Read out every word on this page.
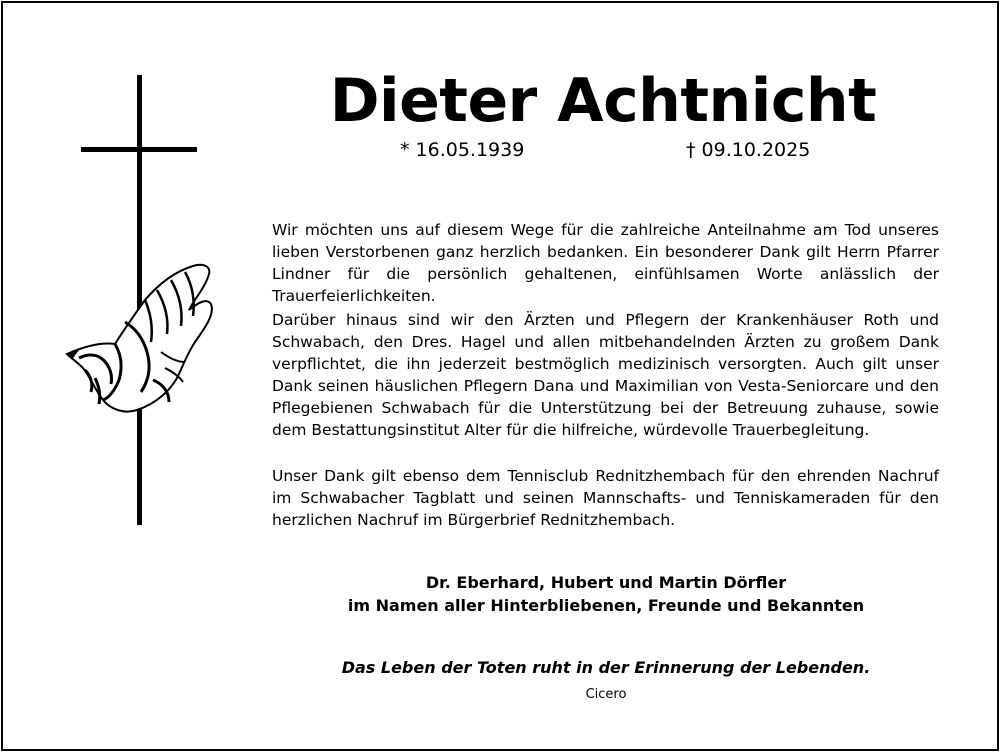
Dieter Achtnicht
* 16.05.1939	† 09.10.2025
Wir möchten uns auf diesem Wege für die zahlreiche Anteilnahme am Tod unseres lieben Verstorbenen ganz herzlich bedanken. Ein besonderer Dank gilt Herrn Pfarrer Lindner für die persönlich gehaltenen, einfühlsamen Worte anlässlich der Trauerfeierlichkeiten.
Darüber hinaus sind wir den Ärzten und Pflegern der Krankenhäuser Roth und Schwabach, den Dres. Hagel und allen mitbehandelnden Ärzten zu großem Dank verpflichtet, die ihn jederzeit bestmöglich medizinisch versorgten. Auch gilt unser Dank seinen häuslichen Pflegern Dana und Maximilian von Vesta-Seniorcare und den Pflegebienen Schwabach für die Unterstützung bei der Betreuung zuhause, sowie dem Bestattungsinstitut Alter für die hilfreiche, würdevolle Trauerbegleitung.
Unser Dank gilt ebenso dem Tennisclub Rednitzhembach für den ehrenden Nachruf im Schwabacher Tagblatt und seinen Mannschafts- und Tenniskameraden für den herzlichen Nachruf im Bürgerbrief Rednitzhembach.
Dr. Eberhard, Hubert und Martin Dörfler
im Namen aller Hinterbliebenen, Freunde und Bekannten
Das Leben der Toten ruht in der Erinnerung der Lebenden.
Cicero
